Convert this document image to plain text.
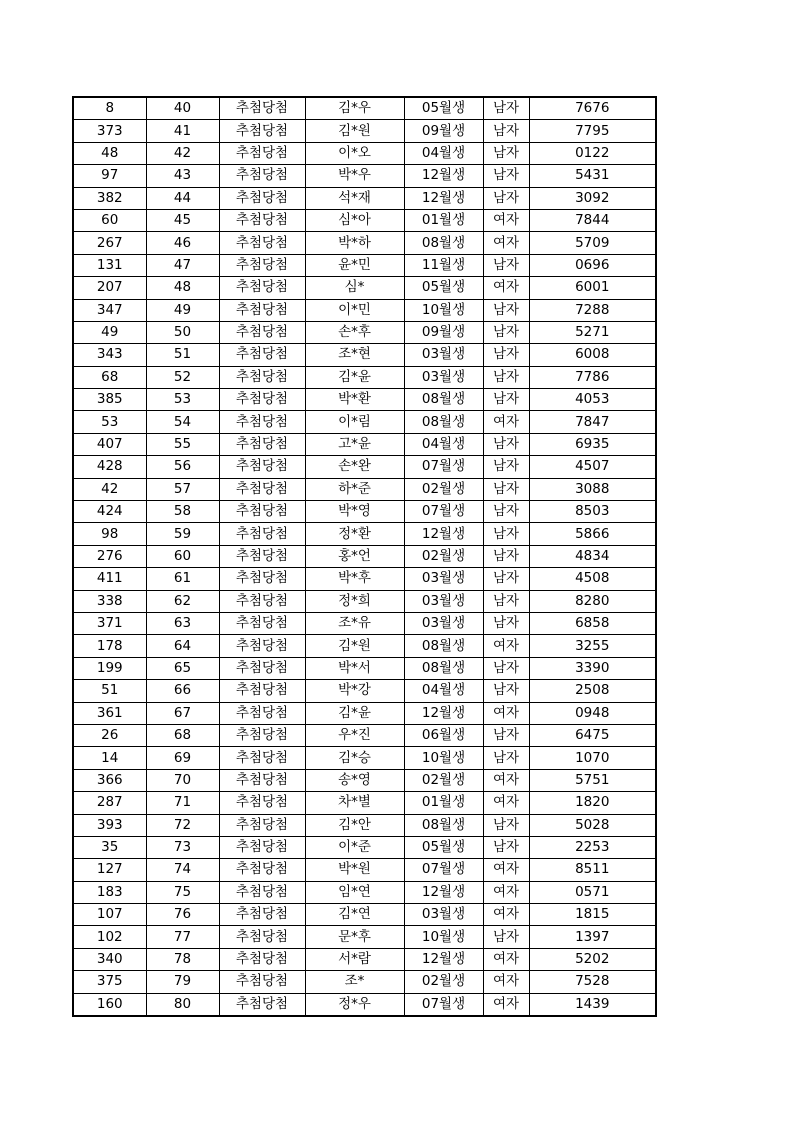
8	40	추첨당첨	김*우	05월생	남자	7676
373	41	추첨당첨	김*원	09월생	남자	7795
48	42	추첨당첨	이*오	04월생	남자	0122
97	43	추첨당첨	박*우	12월생	남자	5431
382	44	추첨당첨	석*재	12월생	남자	3092
60	45	추첨당첨	심*아	01월생	여자	7844
267	46	추첨당첨	박*하	08월생	여자	5709
131	47	추첨당첨	윤*민	11월생	남자	0696
207	48	추첨당첨	심*	05월생	여자	6001
347	49	추첨당첨	이*민	10월생	남자	7288
49	50	추첨당첨	손*후	09월생	남자	5271
343	51	추첨당첨	조*현	03월생	남자	6008
68	52	추첨당첨	김*윤	03월생	남자	7786
385	53	추첨당첨	박*환	08월생	남자	4053
53	54	추첨당첨	이*림	08월생	여자	7847
407	55	추첨당첨	고*윤	04월생	남자	6935
428	56	추첨당첨	손*완	07월생	남자	4507
42	57	추첨당첨	하*준	02월생	남자	3088
424	58	추첨당첨	박*영	07월생	남자	8503
98	59	추첨당첨	정*환	12월생	남자	5866
276	60	추첨당첨	홍*언	02월생	남자	4834
411	61	추첨당첨	박*후	03월생	남자	4508
338	62	추첨당첨	정*희	03월생	남자	8280
371	63	추첨당첨	조*유	03월생	남자	6858
178	64	추첨당첨	김*원	08월생	여자	3255
199	65	추첨당첨	박*서	08월생	남자	3390
51	66	추첨당첨	박*강	04월생	남자	2508
361	67	추첨당첨	김*윤	12월생	여자	0948
26	68	추첨당첨	우*진	06월생	남자	6475
14	69	추첨당첨	김*승	10월생	남자	1070
366	70	추첨당첨	송*영	02월생	여자	5751
287	71	추첨당첨	차*별	01월생	여자	1820
393	72	추첨당첨	김*안	08월생	남자	5028
35	73	추첨당첨	이*준	05월생	남자	2253
127	74	추첨당첨	박*원	07월생	여자	8511
183	75	추첨당첨	임*연	12월생	여자	0571
107	76	추첨당첨	김*연	03월생	여자	1815
102	77	추첨당첨	문*후	10월생	남자	1397
340	78	추첨당첨	서*람	12월생	여자	5202
375	79	추첨당첨	조*	02월생	여자	7528
160	80	추첨당첨	정*우	07월생	여자	1439
